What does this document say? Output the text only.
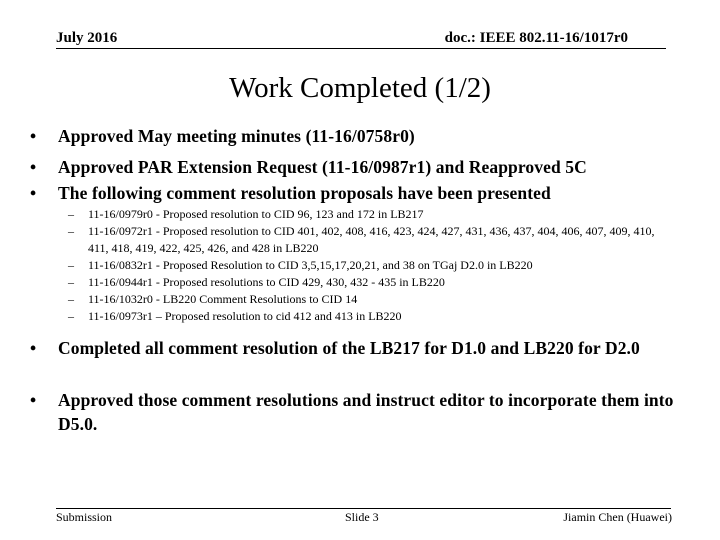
July 2016	doc.: IEEE 802.11-16/1017r0
Work Completed (1/2)
• Approved May meeting minutes (11-16/0758r0)
• Approved PAR Extension Request (11-16/0987r1) and Reapproved 5C
• The following comment resolution proposals have been presented
– 11-16/0979r0 - Proposed resolution to CID 96, 123 and 172 in LB217
– 11-16/0972r1 - Proposed resolution to CID 401, 402, 408, 416, 423, 424, 427, 431, 436, 437, 404, 406, 407, 409, 410, 411, 418, 419, 422, 425, 426, and 428 in LB220
– 11-16/0832r1 - Proposed Resolution to CID 3,5,15,17,20,21, and 38 on TGaj D2.0 in LB220
– 11-16/0944r1 - Proposed resolutions to CID 429, 430, 432 - 435 in LB220
– 11-16/1032r0 - LB220 Comment Resolutions to CID 14
– 11-16/0973r1 – Proposed resolution to cid 412 and 413 in LB220
• Completed all comment resolution of the LB217 for D1.0 and LB220 for D2.0
• Approved those comment resolutions and instruct editor to incorporate them into D5.0.
Submission	Slide 3	Jiamin Chen (Huawei)
